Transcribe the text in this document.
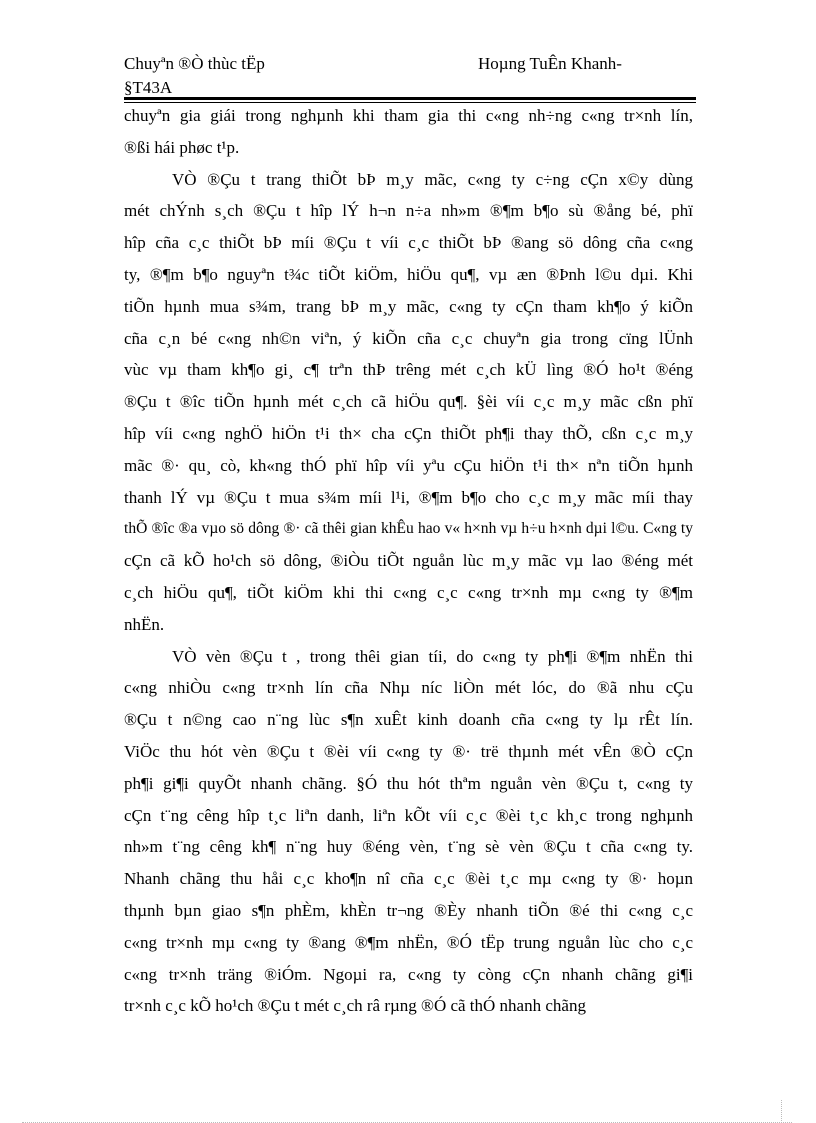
Chuyªn ®Ò thùc tËp
§T43A
Hoµng TuÊn Khanh-
chuyªn gia giái trong nghµnh khi tham gia thi c«ng nh÷ng c«ng tr×nh lín,
®ßi hái phøc t¹p.
VÒ ®Çu t trang thiÕt bÞ m¸y mãc, c«ng ty c÷ng cÇn x©y dùng
mét chÝnh s¸ch ®Çu t hîp lÝ h¬n n÷a nh»m ®¶m b¶o sù ®ång bé, phï
hîp cña c¸c thiÕt bÞ míi ®Çu t víi c¸c thiÕt bÞ ®ang sö dông cña c«ng
ty, ®¶m b¶o nguyªn t¾c tiÕt kiÖm, hiÖu qu¶, vµ æn ®Þnh l©u dµi. Khi
tiÕn hµnh mua s¾m, trang bÞ m¸y mãc, c«ng ty cÇn tham kh¶o ý kiÕn
cña c¸n bé c«ng nh©n viªn, ý kiÕn cña c¸c chuyªn gia trong cïng lÜnh
vùc vµ tham kh¶o gi¸ c¶ trªn thÞ trêng mét c¸ch kÜ lìng ®Ó ho¹t ®éng
®Çu t ®îc tiÕn hµnh mét c¸ch cã hiÖu qu¶. §èi víi c¸c m¸y mãc cßn phï
hîp víi c«ng nghÖ hiÖn t¹i th× cha cÇn thiÕt ph¶i thay thÕ, cßn c¸c m¸y
mãc ®· qu¸ cò, kh«ng thÓ phï hîp víi yªu cÇu hiÖn t¹i th× nªn tiÕn hµnh
thanh lÝ vµ ®Çu t mua s¾m míi l¹i, ®¶m b¶o cho c¸c m¸y mãc míi thay
thÕ ®îc ®a vµo sö dông ®· cã thêi gian khÊu hao v« h×nh vµ h÷u h×nh dµi l©u. C«ng ty
cÇn cã kÕ ho¹ch sö dông, ®iÒu tiÕt nguån lùc m¸y mãc vµ lao ®éng mét
c¸ch hiÖu qu¶, tiÕt kiÖm khi thi c«ng c¸c c«ng tr×nh mµ c«ng ty ®¶m
nhËn.
VÒ vèn ®Çu t , trong thêi gian tíi, do c«ng ty ph¶i ®¶m nhËn thi
c«ng nhiÒu c«ng tr×nh lín cña Nhµ níc liÒn mét lóc, do ®ã nhu cÇu
®Çu t n©ng cao n¨ng lùc s¶n xuÊt kinh doanh cña c«ng ty lµ rÊt lín.
ViÖc thu hót vèn ®Çu t ®èi víi c«ng ty ®· trë thµnh mét vÊn ®Ò cÇn
ph¶i gi¶i quyÕt nhanh chãng. §Ó thu hót thªm nguån vèn ®Çu t, c«ng ty
cÇn t¨ng cêng hîp t¸c liªn danh, liªn kÕt víi c¸c ®èi t¸c kh¸c trong nghµnh
nh»m t¨ng cêng kh¶ n¨ng huy ®éng vèn, t¨ng sè vèn ®Çu t cña c«ng ty.
Nhanh chãng thu håi c¸c kho¶n nî cña c¸c ®èi t¸c mµ c«ng ty ®· hoµn
thµnh bµn giao s¶n phÈm, khÈn tr¬ng ®Èy nhanh tiÕn ®é thi c«ng c¸c
c«ng tr×nh mµ c«ng ty ®ang ®¶m nhËn, ®Ó tËp trung nguån lùc cho c¸c
c«ng tr×nh träng ®iÓm. Ngoµi ra, c«ng ty còng cÇn nhanh chãng gi¶i
tr×nh c¸c kÕ ho¹ch ®Çu t mét c¸ch râ rµng ®Ó cã thÓ nhanh chãng
